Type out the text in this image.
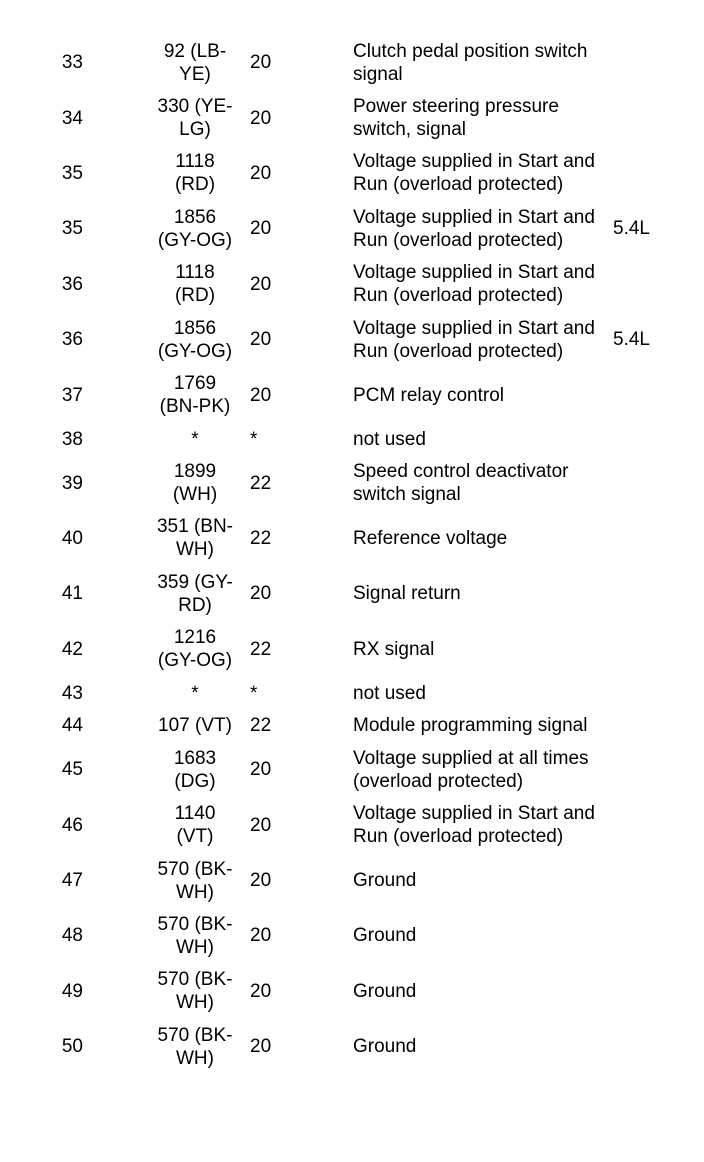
33	92 (LB-YE)	20	Clutch pedal position switch signal	
34	330 (YE-LG)	20	Power steering pressure switch, signal	
35	1118 (RD)	20	Voltage supplied in Start and Run (overload protected)	
35	1856 (GY-OG)	20	Voltage supplied in Start and Run (overload protected)	5.4L
36	1118 (RD)	20	Voltage supplied in Start and Run (overload protected)	
36	1856 (GY-OG)	20	Voltage supplied in Start and Run (overload protected)	5.4L
37	1769 (BN-PK)	20	PCM relay control	
38	*	*	not used	
39	1899 (WH)	22	Speed control deactivator switch signal	
40	351 (BN-WH)	22	Reference voltage	
41	359 (GY-RD)	20	Signal return	
42	1216 (GY-OG)	22	RX signal	
43	*	*	not used	
44	107 (VT)	22	Module programming signal	
45	1683 (DG)	20	Voltage supplied at all times (overload protected)	
46	1140 (VT)	20	Voltage supplied in Start and Run (overload protected)	
47	570 (BK-WH)	20	Ground	
48	570 (BK-WH)	20	Ground	
49	570 (BK-WH)	20	Ground	
50	570 (BK-WH)	20	Ground	
